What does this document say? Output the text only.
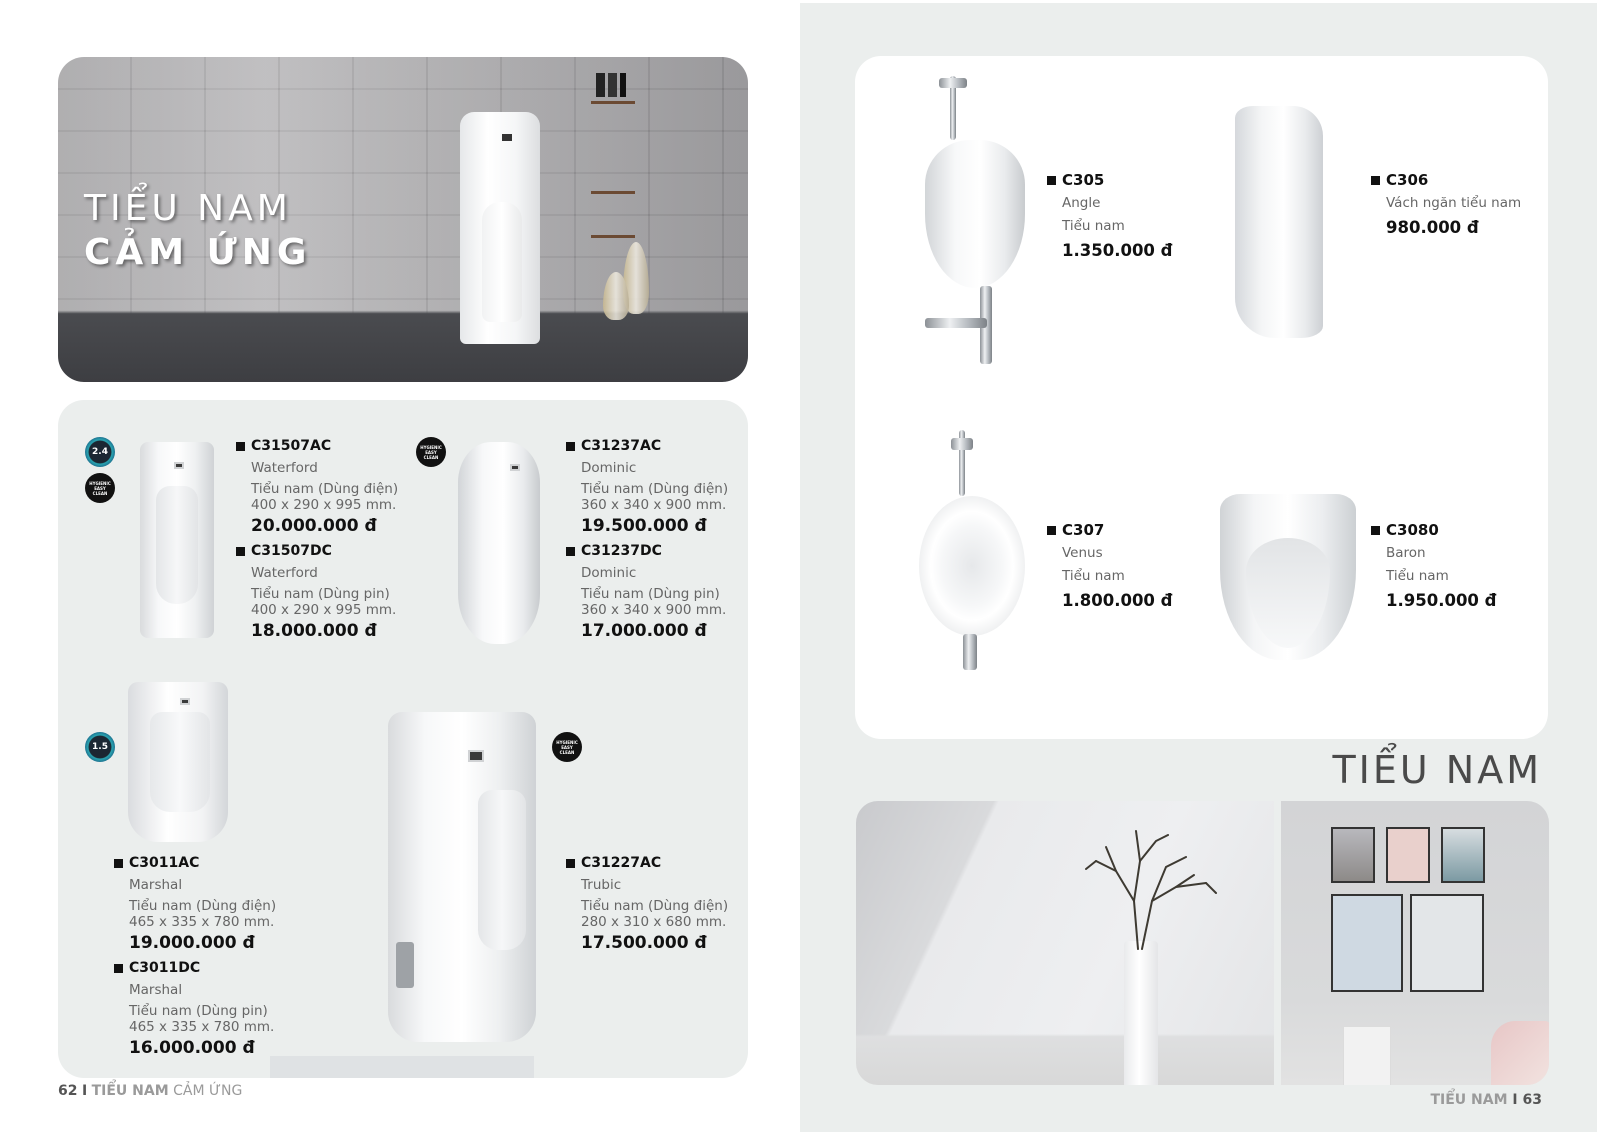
TIỂU NAM
CẢM ỨNG
2.4
HYGIENIC
EASY
CLEAN
C31507AC
Waterford
Tiểu nam (Dùng điện)
400 x 290 x 995 mm.
20.000.000 đ
C31507DC
Waterford
Tiểu nam (Dùng pin)
400 x 290 x 995 mm.
18.000.000 đ
HYGIENIC
EASY
CLEAN
C31237AC
Dominic
Tiểu nam (Dùng điện)
360 x 340 x 900 mm.
19.500.000 đ
C31237DC
Dominic
Tiểu nam (Dùng pin)
360 x 340 x 900 mm.
17.000.000 đ
1.5
C3011AC
Marshal
Tiểu nam (Dùng điện)
465 x 335 x 780 mm.
19.000.000 đ
C3011DC
Marshal
Tiểu nam (Dùng pin)
465 x 335 x 780 mm.
16.000.000 đ
HYGIENIC
EASY
CLEAN
C31227AC
Trubic
Tiểu nam (Dùng điện)
280 x 310 x 680 mm.
17.500.000 đ
62 I TIỂU NAM CẢM ỨNG
C305
Angle
Tiểu nam
1.350.000 đ
C306
Vách ngăn tiểu nam
980.000 đ
C307
Venus
Tiểu nam
1.800.000 đ
C3080
Baron
Tiểu nam
1.950.000 đ
TIỂU NAM
TIỂU NAM I 63
